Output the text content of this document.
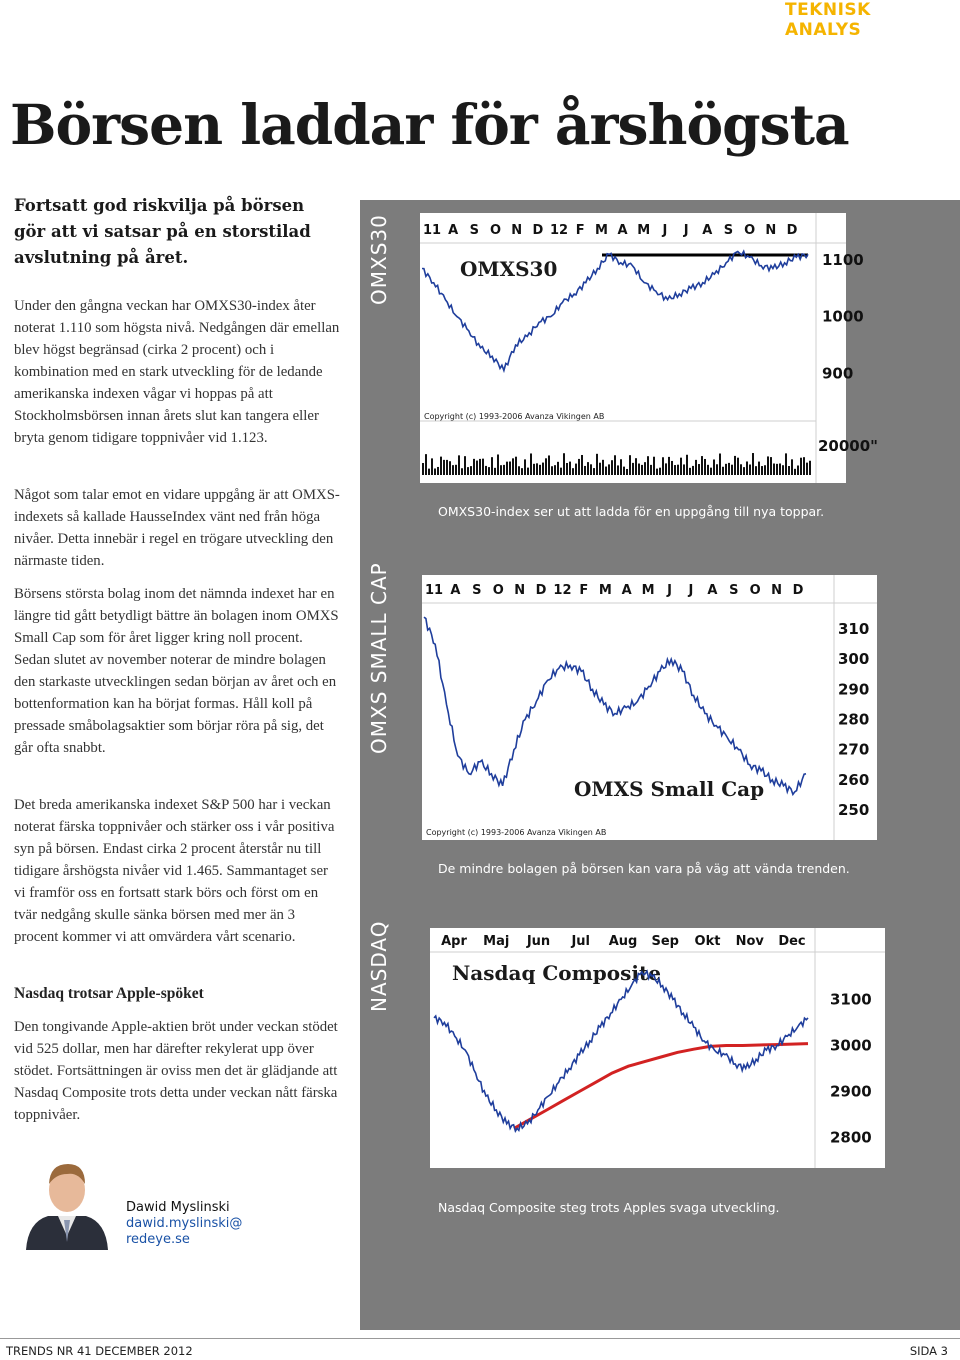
TEKNISK ANALYS
Börsen laddar för årshögsta
Fortsatt god riskvilja på börsen gör att vi satsar på en storstilad avslutning på året.

Under den gångna veckan har OMXS30-index åter noterat 1.110 som högsta nivå. Nedgången där emellan blev högst begränsad (cirka 2 procent) och i kombination med en stark utveckling för de ledande amerikanska indexen vågar vi hoppas på att Stockholmsbörsen innan årets slut kan tangera eller bryta genom tidigare toppnivåer vid 1.123.

Något som talar emot en vidare uppgång är att OMXS-indexets så kallade HausseIndex vänt ned från höga nivåer. Detta innebär i regel en trögare utveckling den närmaste tiden.

Börsens största bolag inom det nämnda indexet har en längre tid gått betydligt bättre än bolagen inom OMXS Small Cap som för året ligger kring noll procent. Sedan slutet av november noterar de mindre bolagen den starkaste utvecklingen sedan början av året och en bottenformation kan ha börjat formas. Håll koll på pressade småbolagsaktier som börjar röra på sig, det går ofta snabbt.

Det breda amerikanska indexet S&P 500 har i veckan noterat färska toppnivåer och stärker oss i vår positiva syn på börsen. Endast cirka 2 procent återstår nu till tidigare årshögsta nivåer vid 1.465. Sammantaget ser vi framför oss en fortsatt stark börs och först om en tvär nedgång skulle sänka börsen med mer än 3 procent kommer vi att omvärdera vårt scenario.

Nasdaq trotsar Apple-spöket

Den tongivande Apple-aktien bröt under veckan stödet vid 525 dollar, men har därefter rekylerat upp över stödet. Fortsättningen är oviss men det är glädjande att Nasdaq Composite trots detta under veckan nått färska toppnivåer.

Dawid Myslinski
dawid.myslinski@ redeye.se
OMXS30
OMXS SMALL CAP
NASDAQ
11 A S O N D 12 F M A M J J A S O N D
OMXS30	1100
1000
900
Copyright (c) 1993-2006 Avanza Vikingen AB
20000"
OMXS30-index ser ut att ladda för en uppgång till nya toppar.
11 A S O N D 12 F M A M J J A S O N D
310
300
290
280
270
260
250
OMXS Small Cap
Copyright (c) 1993-2006 Avanza Vikingen AB
De mindre bolagen på börsen kan vara på väg att vända trenden.
Apr Maj Jun Jul Aug Sep Okt Nov Dec
Nasdaq Composite
3100
3000
2900
2800
Nasdaq Composite steg trots Apples svaga utveckling.
TRENDS NR 41 DECEMBER 2012	SIDA 3
